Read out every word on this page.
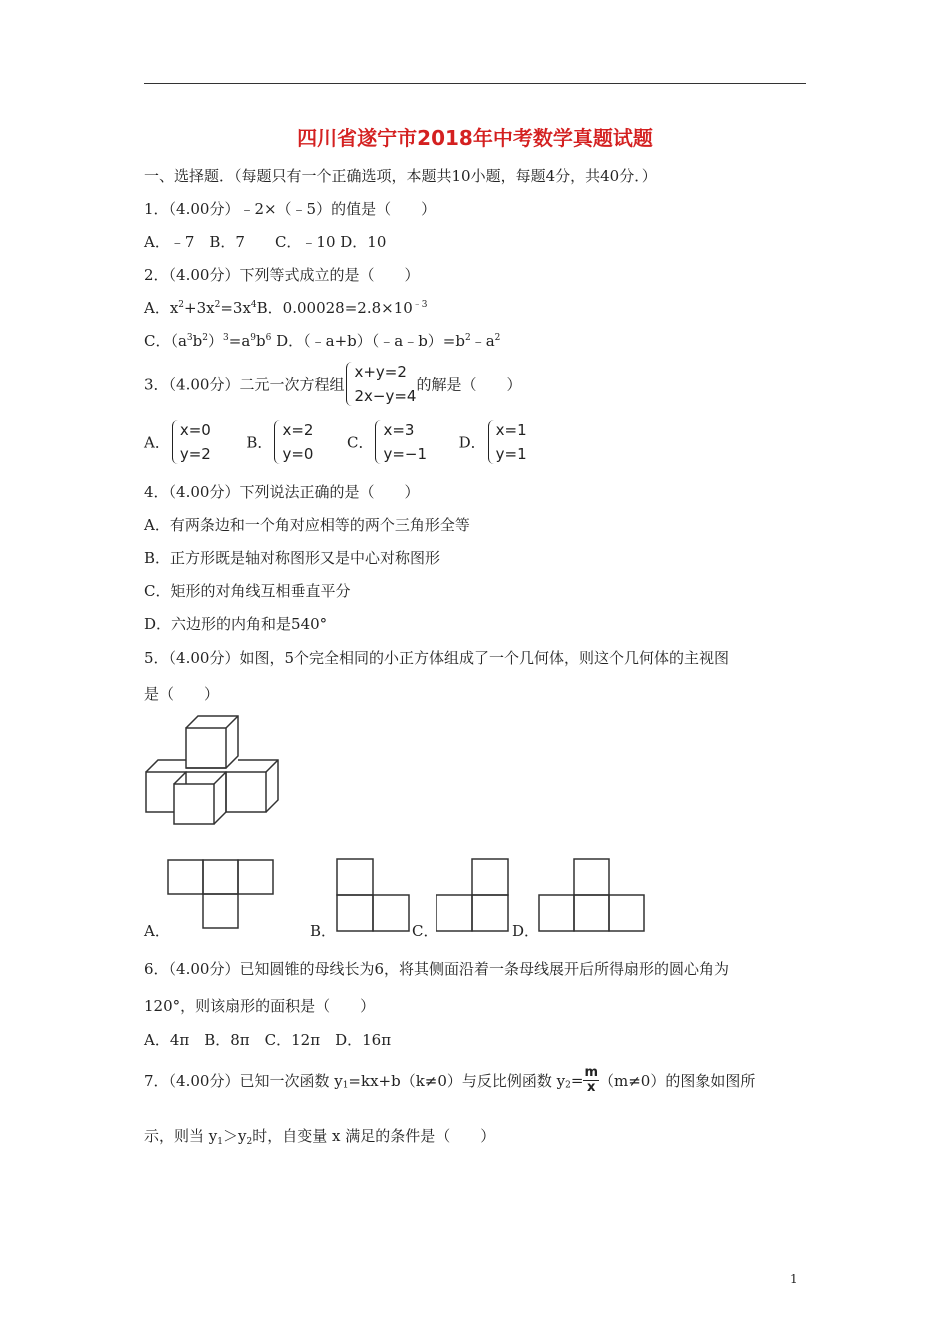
四川省遂宁市2018年中考数学真题试题
一、选择题．（每题只有一个正确选项，本题共10小题，每题4分，共40分．）
1．（4.00分）﹣2×（﹣5）的值是（　　）
A．﹣7　B．7　　C．﹣10 D．10
2．（4.00分）下列等式成立的是（　　）
A．$x^2+3x^2=3x^4B$．$0.00028=2.8\times 10^{﹣3}$
C．$(a^3b^2)^3=a^9b^6$ D．$(﹣a+b)(﹣a﹣b)=b^2﹣a^2$
3．（4.00分）二元一次方程组
x+y=2
2x−y=4
的解是（　　）
A．
x=0
y=2
B．
x=2
y=0
C．
x=3
y=−1
D．
x=1
y=1
4．（4.00分）下列说法正确的是（　　）
A．有两条边和一个角对应相等的两个三角形全等
B．正方形既是轴对称图形又是中心对称图形
C．矩形的对角线互相垂直平分
D．六边形的内角和是540°
5．（4.00分）如图，5个完全相同的小正方体组成了一个几何体，则这个几何体的主视图
是（　　）
A．	B．	C．	D．
6．（4.00分）已知圆锥的母线长为6，将其侧面沿着一条母线展开后所得扇形的圆心角为
120°，则该扇形的面积是（　　）
A．4π　B．8π　C．12π　D．16π
7．（4.00分）已知一次函数 $y_1=kx+b(k\ne 0)$与反比例函数 $y_2= \frac{m}{x} (m\ne 0)$的图象如图所
示，则当 $y_1>y_2$时，自变量 x 满足的条件是（　　）
1
